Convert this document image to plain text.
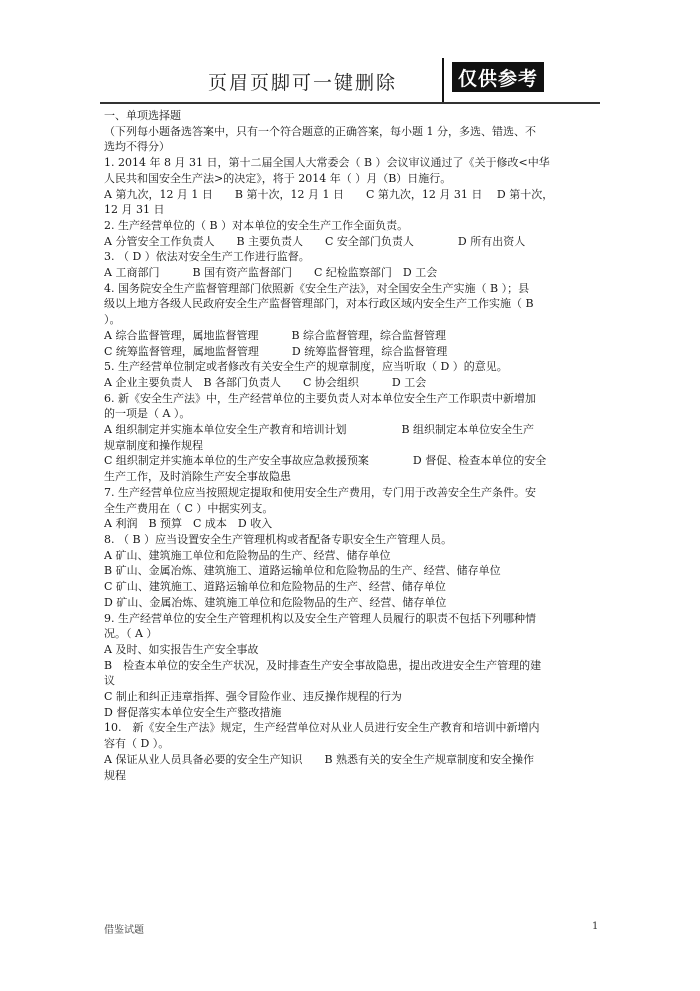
页眉页脚可一键删除	仅供参考

一、单项选择题

（下列每小题备选答案中，只有一个符合题意的正确答案，每小题 1 分，多选、错选、不

选均不得分）

1. 2014 年 8 月 31 日，第十二届全国人大常委会（ B ）会议审议通过了《关于修改<中华

人民共和国安全生产法>的决定》，将于 2014 年（ ）月（B）日施行。

A 第九次，12 月 1 日　　B 第十次，12 月 1 日　　C 第九次，12 月 31 日　 D 第十次，

12 月 31 日

2. 生产经营单位的（ B ）对本单位的安全生产工作全面负责。

A 分管安全工作负责人　　B 主要负责人　　C 安全部门负责人　　　　D 所有出资人

3. （ D ）依法对安全生产工作进行监督。

A 工商部门　　　B 国有资产监督部门　　C 纪检监察部门　D 工会

4. 国务院安全生产监督管理部门依照新《安全生产法》，对全国安全生产实施（ B ）；县

级以上地方各级人民政府安全生产监督管理部门，对本行政区域内安全生产工作实施（ B

）。

A 综合监督管理，属地监督管理　　　B 综合监督管理，综合监督管理

C 统筹监督管理，属地监督管理　　　D 统筹监督管理，综合监督管理

5. 生产经营单位制定或者修改有关安全生产的规章制度，应当听取（ D ）的意见。

A 企业主要负责人　B 各部门负责人　　C 协会组织　　　D 工会

6. 新《安全生产法》中，生产经营单位的主要负责人对本单位安全生产工作职责中新增加

的一项是（ A ）。

A 组织制定并实施本单位安全生产教育和培训计划　　　　　B 组织制定本单位安全生产

规章制度和操作规程

C 组织制定并实施本单位的生产安全事故应急救援预案　　　　D 督促、检查本单位的安全

生产工作，及时消除生产安全事故隐患

7. 生产经营单位应当按照规定提取和使用安全生产费用，专门用于改善安全生产条件。安

全生产费用在（ C ）中据实列支。

A 利润　B 预算　C 成本　D 收入

8. （ B ）应当设置安全生产管理机构或者配备专职安全生产管理人员。

A 矿山、建筑施工单位和危险物品的生产、经营、储存单位

B 矿山、金属冶炼、建筑施工、道路运输单位和危险物品的生产、经营、储存单位

C 矿山、建筑施工、道路运输单位和危险物品的生产、经营、储存单位

D 矿山、金属冶炼、建筑施工单位和危险物品的生产、经营、储存单位

9. 生产经营单位的安全生产管理机构以及安全生产管理人员履行的职责不包括下列哪种情

况。（ A ）

A 及时、如实报告生产安全事故

B　检查本单位的安全生产状况，及时排查生产安全事故隐患，提出改进安全生产管理的建

议

C 制止和纠正违章指挥、强令冒险作业、违反操作规程的行为

D 督促落实本单位安全生产整改措施

10.　新《安全生产法》规定，生产经营单位对从业人员进行安全生产教育和培训中新增内

容有（ D ）。

A 保证从业人员具备必要的安全生产知识　　B 熟悉有关的安全生产规章制度和安全操作

规程

借鉴试题	1
